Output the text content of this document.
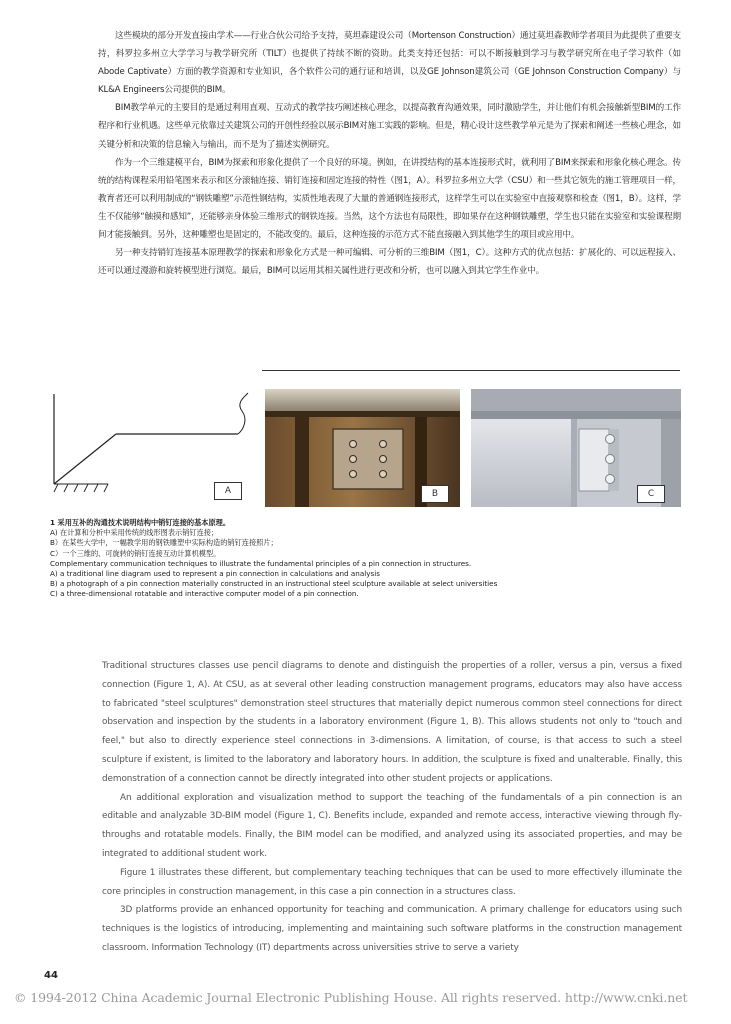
这些模块的部分开发直接由学术——行业合伙公司给予支持，莫坦森建设公司（Mortenson Construction）通过莫坦森教师学者项目为此提供了重要支持，科罗拉多州立大学学习与教学研究所（TILT）也提供了持续不断的资助。此类支持还包括：可以不断接触到学习与教学研究所在电子学习软件（如Abode Captivate）方面的教学资源和专业知识，各个软件公司的通行证和培训，以及GE Johnson建筑公司（GE Johnson Construction Company）与KL&A Engineers公司提供的BIM。

BIM教学单元的主要目的是通过利用直观、互动式的教学技巧阐述核心理念，以提高教育沟通效果，同时激励学生，并让他们有机会接触新型BIM的工作程序和行业机遇。这些单元依靠过关建筑公司的开创性经验以展示BIM对施工实践的影响。但是，精心设计这些教学单元是为了探索和阐述一些核心理念，如关键分析和决策的信息输入与输出，而不是为了描述实例研究。

作为一个三维建模平台，BIM为探索和形象化提供了一个良好的环境。例如，在讲授结构的基本连接形式时，就利用了BIM来探索和形象化核心理念。传统的结构课程采用铅笔图来表示和区分滚轴连接、销钉连接和固定连接的特性（图1，A）。科罗拉多州立大学（CSU）和一些其它领先的施工管理项目一样，教育者还可以利用制成的“钢铁雕塑”示范性钢结构，实质性地表现了大量的普通钢连接形式，这样学生可以在实验室中直接观察和检查（图1，B）。这样，学生不仅能够“触摸和感知”，还能够亲身体验三维形式的钢铁连接。当然，这个方法也有局限性，即如果存在这种钢铁雕塑，学生也只能在实验室和实验课程期间才能接触到。另外，这种雕塑也是固定的，不能改变的。最后，这种连接的示范方式不能直接融入到其他学生的项目或应用中。

另一种支持销钉连接基本原理教学的探索和形象化方式是一种可编辑、可分析的三维BIM（图1，C）。这种方式的优点包括：扩展化的、可以远程接入、还可以通过漫游和旋转模型进行浏览。最后，BIM可以运用其相关属性进行更改和分析，也可以融入到其它学生作业中。

A	B	C
1 采用互补的沟通技术说明结构中销钉连接的基本原理。
A) 在计算和分析中采用传统的线形图表示销钉连接；
B）在某些大学中，一幅教学用的钢铁雕塑中实际构造的销钉连接照片；
C）一个三维的、可旋转的销钉连接互动计算机模型。
Complementary communication techniques to illustrate the fundamental principles of a pin connection in structures.
A) a traditional line diagram used to represent a pin connection in calculations and analysis
B) a photograph of a pin connection materially constructed in an instructional steel sculpture available at select universities
C) a three-dimensional rotatable and interactive computer model of a pin connection.

Traditional structures classes use pencil diagrams to denote and distinguish the properties of a roller, versus a pin, versus a fixed connection (Figure 1, A). At CSU, as at several other leading construction management programs, educators may also have access to fabricated "steel sculptures" demonstration steel structures that materially depict numerous common steel connections for direct observation and inspection by the students in a laboratory environment (Figure 1, B). This allows students not only to "touch and feel," but also to directly experience steel connections in 3-dimensions. A limitation, of course, is that access to such a steel sculpture if existent, is limited to the laboratory and laboratory hours. In addition, the sculpture is fixed and unalterable. Finally, this demonstration of a connection cannot be directly integrated into other student projects or applications.

An additional exploration and visualization method to support the teaching of the fundamentals of a pin connection is an editable and analyzable 3D-BIM model (Figure 1, C). Benefits include, expanded and remote access, interactive viewing through fly-throughs and rotatable models. Finally, the BIM model can be modified, and analyzed using its associated properties, and may be integrated to additional student work.

Figure 1 illustrates these different, but complementary teaching techniques that can be used to more effectively illuminate the core principles in construction management, in this case a pin connection in a structures class.

3D platforms provide an enhanced opportunity for teaching and communication. A primary challenge for educators using such techniques is the logistics of introducing, implementing and maintaining such software platforms in the construction management classroom. Information Technology (IT) departments across universities strive to serve a variety

44
© 1994-2012 China Academic Journal Electronic Publishing House. All rights reserved. http://www.cnki.net
